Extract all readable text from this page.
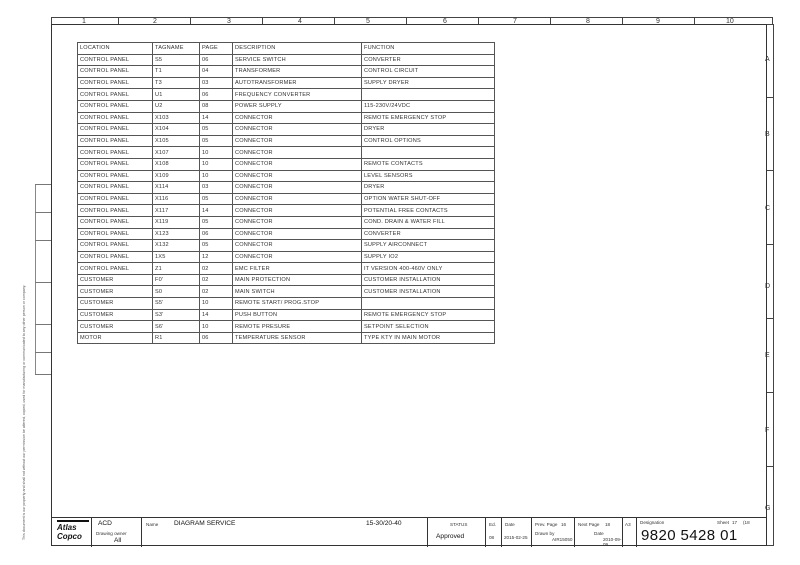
1	2	3	4	5	6	7	8	9	10
A
B
C
D
E
F
G
This document is our property and shall not without our permission be altered, copied, used for manufacturing or communicated to any other person or company.
LOCATION	TAGNAME	PAGE	DESCRIPTION	FUNCTION
CONTROL PANEL	S5	06	SERVICE SWITCH	CONVERTER
CONTROL PANEL	T1	04	TRANSFORMER	CONTROL CIRCUIT
CONTROL PANEL	T3	03	AUTOTRANSFORMER	SUPPLY DRYER
CONTROL PANEL	U1	06	FREQUENCY CONVERTER	
CONTROL PANEL	U2	08	POWER SUPPLY	115-230V/24VDC
CONTROL PANEL	X103	14	CONNECTOR	REMOTE EMERGENCY STOP
CONTROL PANEL	X104	05	CONNECTOR	DRYER
CONTROL PANEL	X105	05	CONNECTOR	CONTROL OPTIONS
CONTROL PANEL	X107	10	CONNECTOR	
CONTROL PANEL	X108	10	CONNECTOR	REMOTE CONTACTS
CONTROL PANEL	X109	10	CONNECTOR	LEVEL SENSORS
CONTROL PANEL	X114	03	CONNECTOR	DRYER
CONTROL PANEL	X116	05	CONNECTOR	OPTION WATER SHUT-OFF
CONTROL PANEL	X117	14	CONNECTOR	POTENTIAL FREE CONTACTS
CONTROL PANEL	X119	05	CONNECTOR	COND. DRAIN & WATER FILL
CONTROL PANEL	X123	06	CONNECTOR	CONVERTER
CONTROL PANEL	X132	05	CONNECTOR	SUPPLY AIRCONNECT
CONTROL PANEL	1X5	12	CONNECTOR	SUPPLY IO2
CONTROL PANEL	Z1	02	EMC FILTER	IT VERSION 400-460V ONLY
CUSTOMER	F0'	02	MAIN PROTECTION	CUSTOMER INSTALLATION
CUSTOMER	S0	02	MAIN SWITCH	CUSTOMER INSTALLATION
CUSTOMER	S5'	10	REMOTE START/ PROG.STOP	
CUSTOMER	S3'	14	PUSH BUTTON	REMOTE EMERGENCY STOP
CUSTOMER	S6'	10	REMOTE PRESURE	SETPOINT SELECTION
MOTOR	R1	06	TEMPERATURE SENSOR	TYPE KTY IN MAIN MOTOR
Atlas Copco
ACD
Drawing owner
All
Name DIAGRAM SERVICE	15-30/20-40	STATUS
Approved
Ed.
08
Date
2015-02-25
Prev. Page 16
Drawn by
AIR15050
Next Page 18
Date
2010-09-09
A3 Designation	Sheet 17 (18
9820 5428 01
